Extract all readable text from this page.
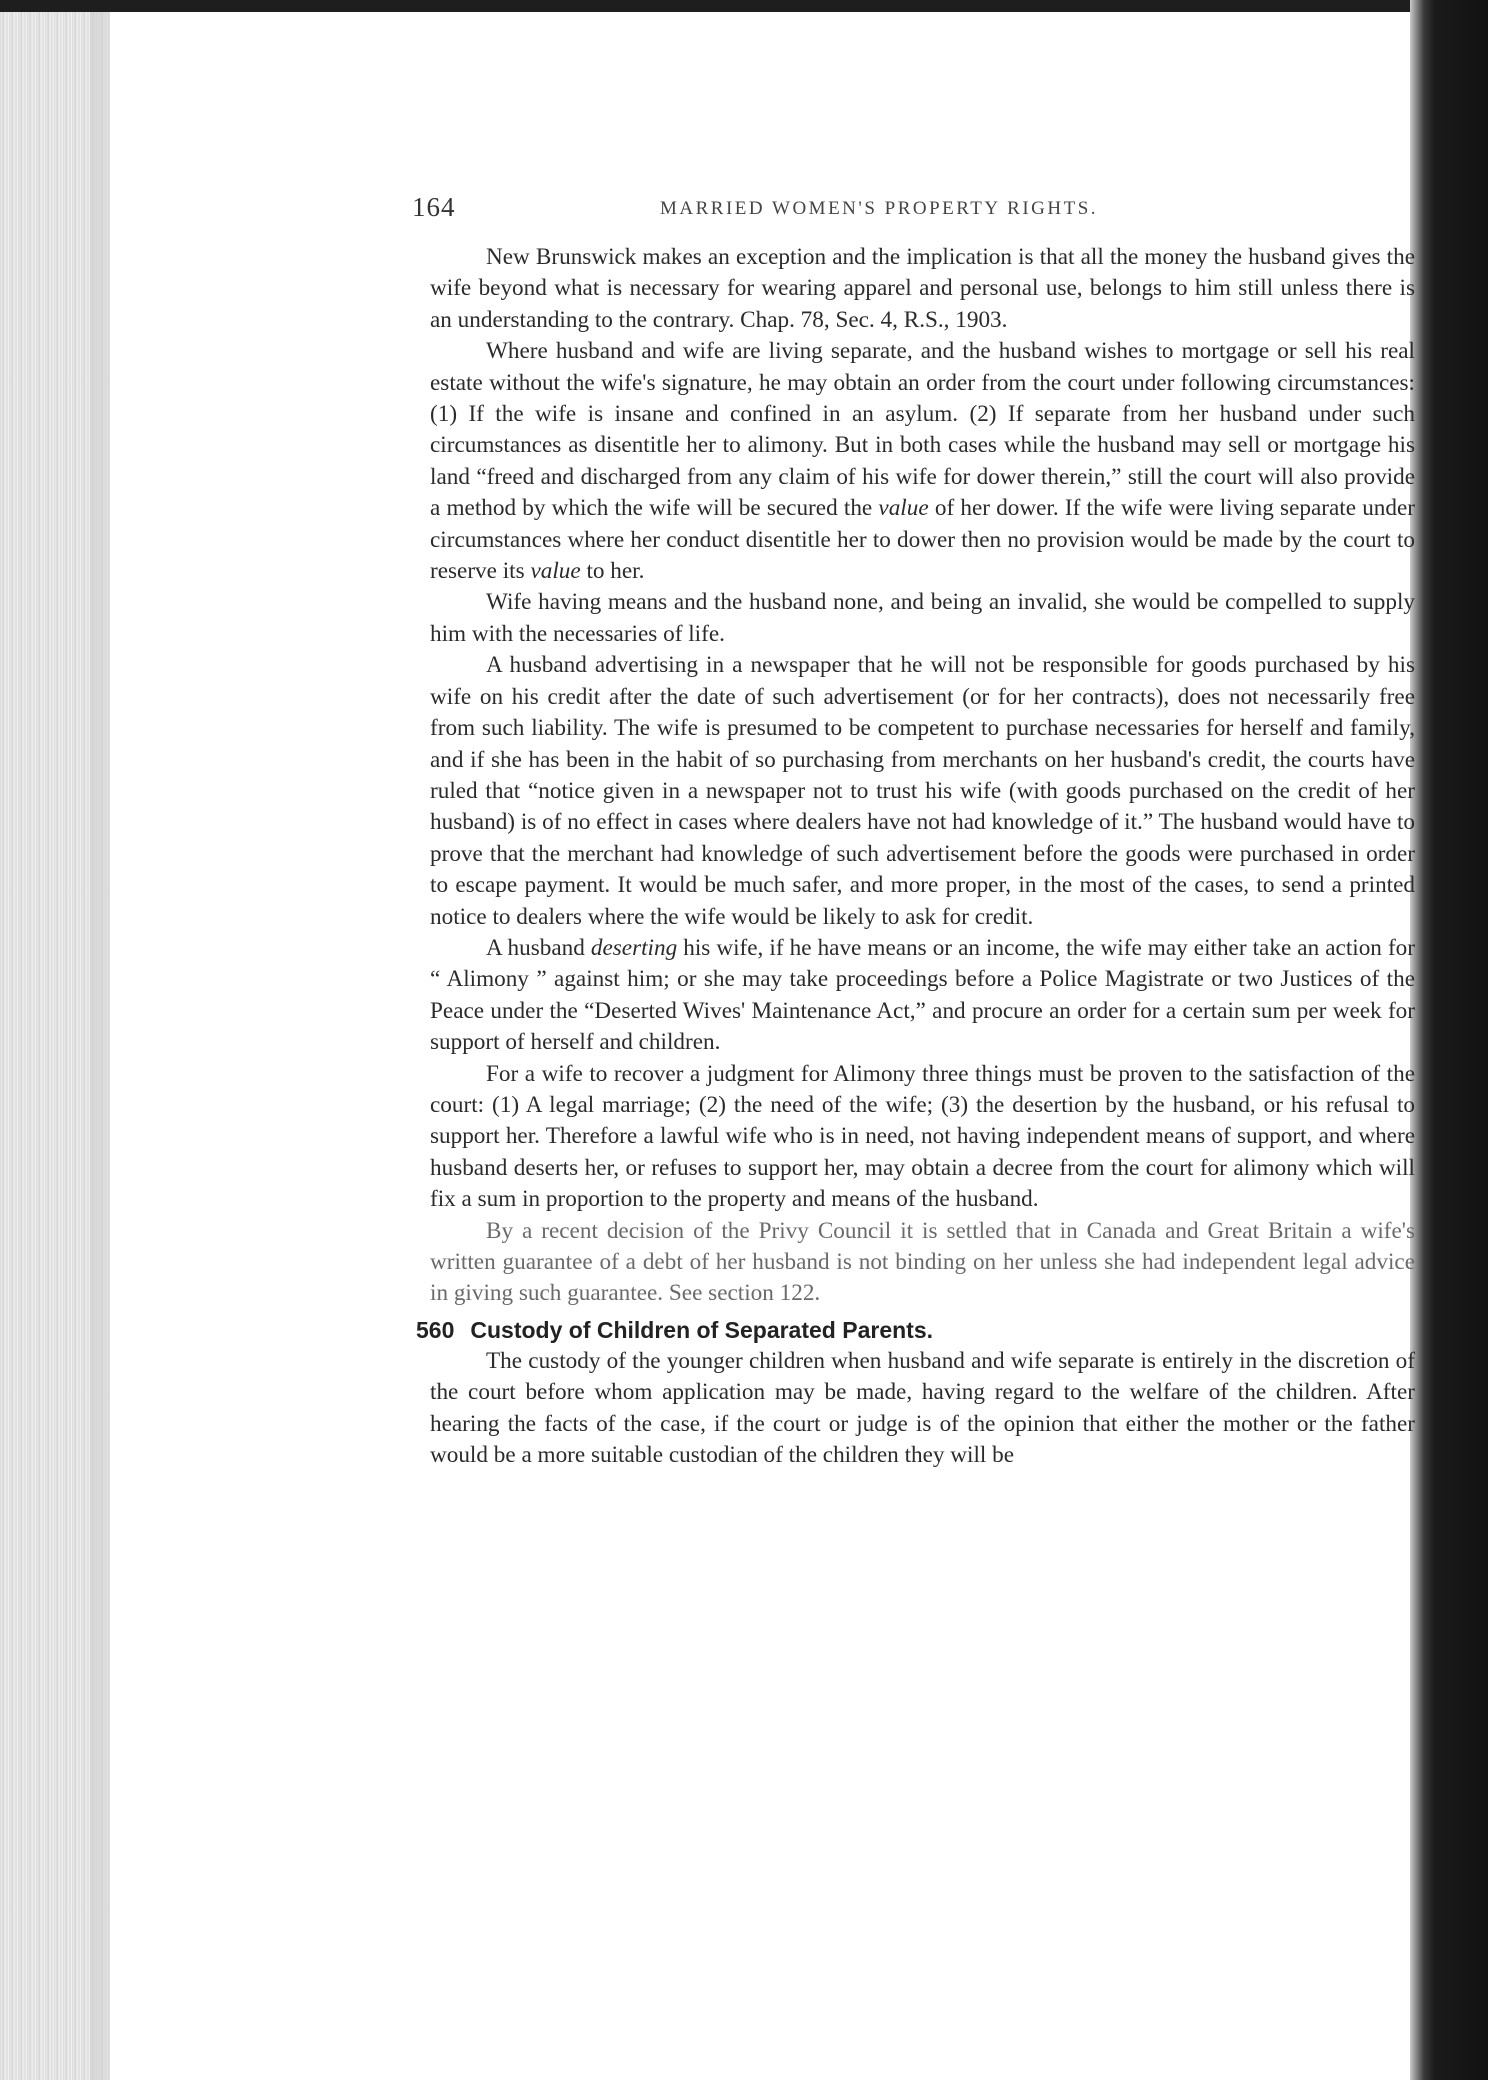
164	MARRIED WOMEN'S PROPERTY RIGHTS.

New Brunswick makes an exception and the implication is that all the money the husband gives the wife beyond what is necessary for wearing apparel and personal use, belongs to him still unless there is an understanding to the contrary. Chap. 78, Sec. 4, R.S., 1903.

Where husband and wife are living separate, and the husband wishes to mortgage or sell his real estate without the wife's signature, he may obtain an order from the court under following circumstances: (1) If the wife is insane and confined in an asylum. (2) If separate from her husband under such circumstances as disentitle her to alimony. But in both cases while the husband may sell or mortgage his land “freed and discharged from any claim of his wife for dower therein,” still the court will also provide a method by which the wife will be secured the value of her dower. If the wife were living separate under circumstances where her conduct disentitle her to dower then no provision would be made by the court to reserve its value to her.

Wife having means and the husband none, and being an invalid, she would be compelled to supply him with the necessaries of life.

A husband advertising in a newspaper that he will not be responsible for goods purchased by his wife on his credit after the date of such advertisement (or for her contracts), does not necessarily free from such liability. The wife is presumed to be competent to purchase necessaries for herself and family, and if she has been in the habit of so purchasing from merchants on her husband's credit, the courts have ruled that “notice given in a newspaper not to trust his wife (with goods purchased on the credit of her husband) is of no effect in cases where dealers have not had knowledge of it.” The husband would have to prove that the merchant had knowledge of such advertisement before the goods were purchased in order to escape payment. It would be much safer, and more proper, in the most of the cases, to send a printed notice to dealers where the wife would be likely to ask for credit.

A husband deserting his wife, if he have means or an income, the wife may either take an action for “ Alimony ” against him; or she may take proceedings before a Police Magistrate or two Justices of the Peace under the “Deserted Wives' Maintenance Act,” and procure an order for a certain sum per week for support of herself and children.

For a wife to recover a judgment for Alimony three things must be proven to the satisfaction of the court: (1) A legal marriage; (2) the need of the wife; (3) the desertion by the husband, or his refusal to support her. Therefore a lawful wife who is in need, not having independent means of support, and where husband deserts her, or refuses to support her, may obtain a decree from the court for alimony which will fix a sum in proportion to the property and means of the husband.

By a recent decision of the Privy Council it is settled that in Canada and Great Britain a wife's written guarantee of a debt of her husband is not binding on her unless she had independent legal advice in giving such guarantee. See section 122.

560 Custody of Children of Separated Parents.

The custody of the younger children when husband and wife separate is entirely in the discretion of the court before whom application may be made, having regard to the welfare of the children. After hearing the facts of the case, if the court or judge is of the opinion that either the mother or the father would be a more suitable custodian of the children they will be
